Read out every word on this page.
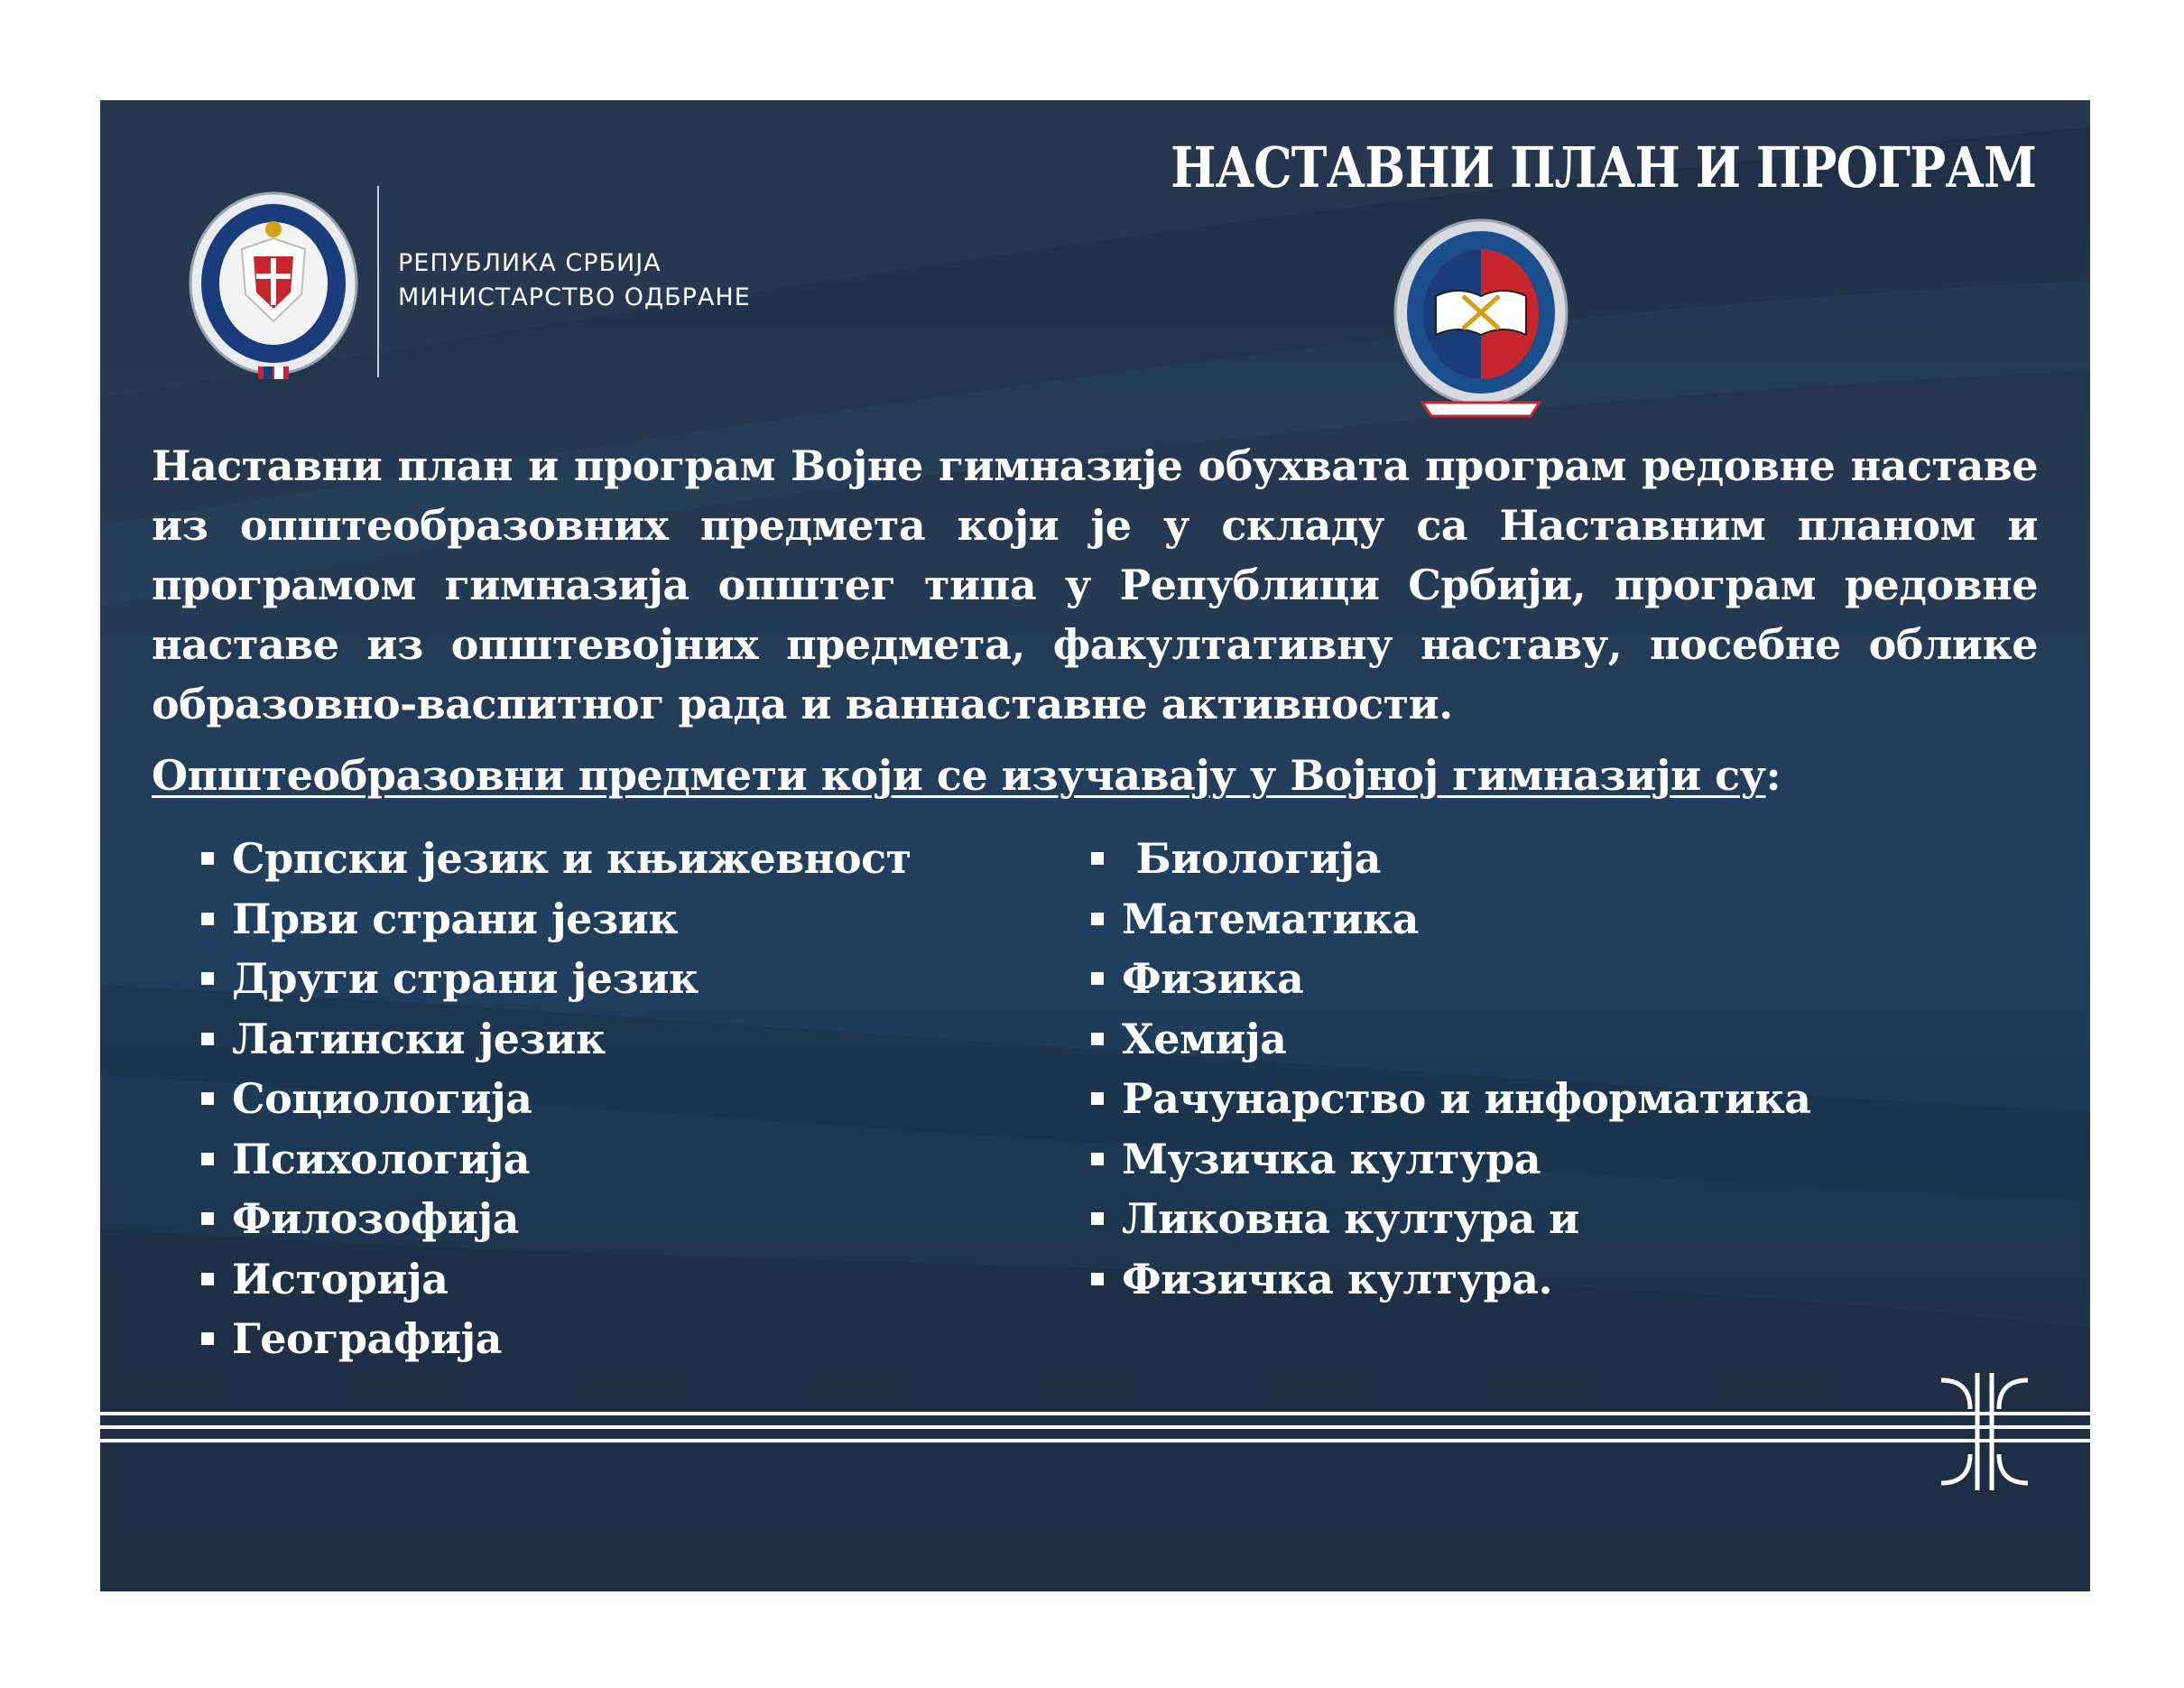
НАСТАВНИ ПЛАН И ПРОГРАМ
РЕПУБЛИКА СРБИЈА
МИНИСТАРСТВО ОДБРАНЕ

Наставни план и програм Војне гимназије обухвата програм редовне наставе из општеобразовних предмета који је у складу са Наставним планом и програмом гимназија општег типа у Републици Србији, програм редовне наставе из општевојних предмета, факултативну наставу, посебне облике образовно-васпитног рада и ваннаставне активности.

Општеобразовни предмети који се изучавају у Војној гимназији су:

Српски језик и књижевност
Први страни језик
Други страни језик
Латински језик
Социологија
Психологија
Филозофија
Историја
Географија
Биологија
Математика
Физика
Хемија
Рачунарство и информатика
Музичка култура
Ликовна култура и
Физичка култура.
